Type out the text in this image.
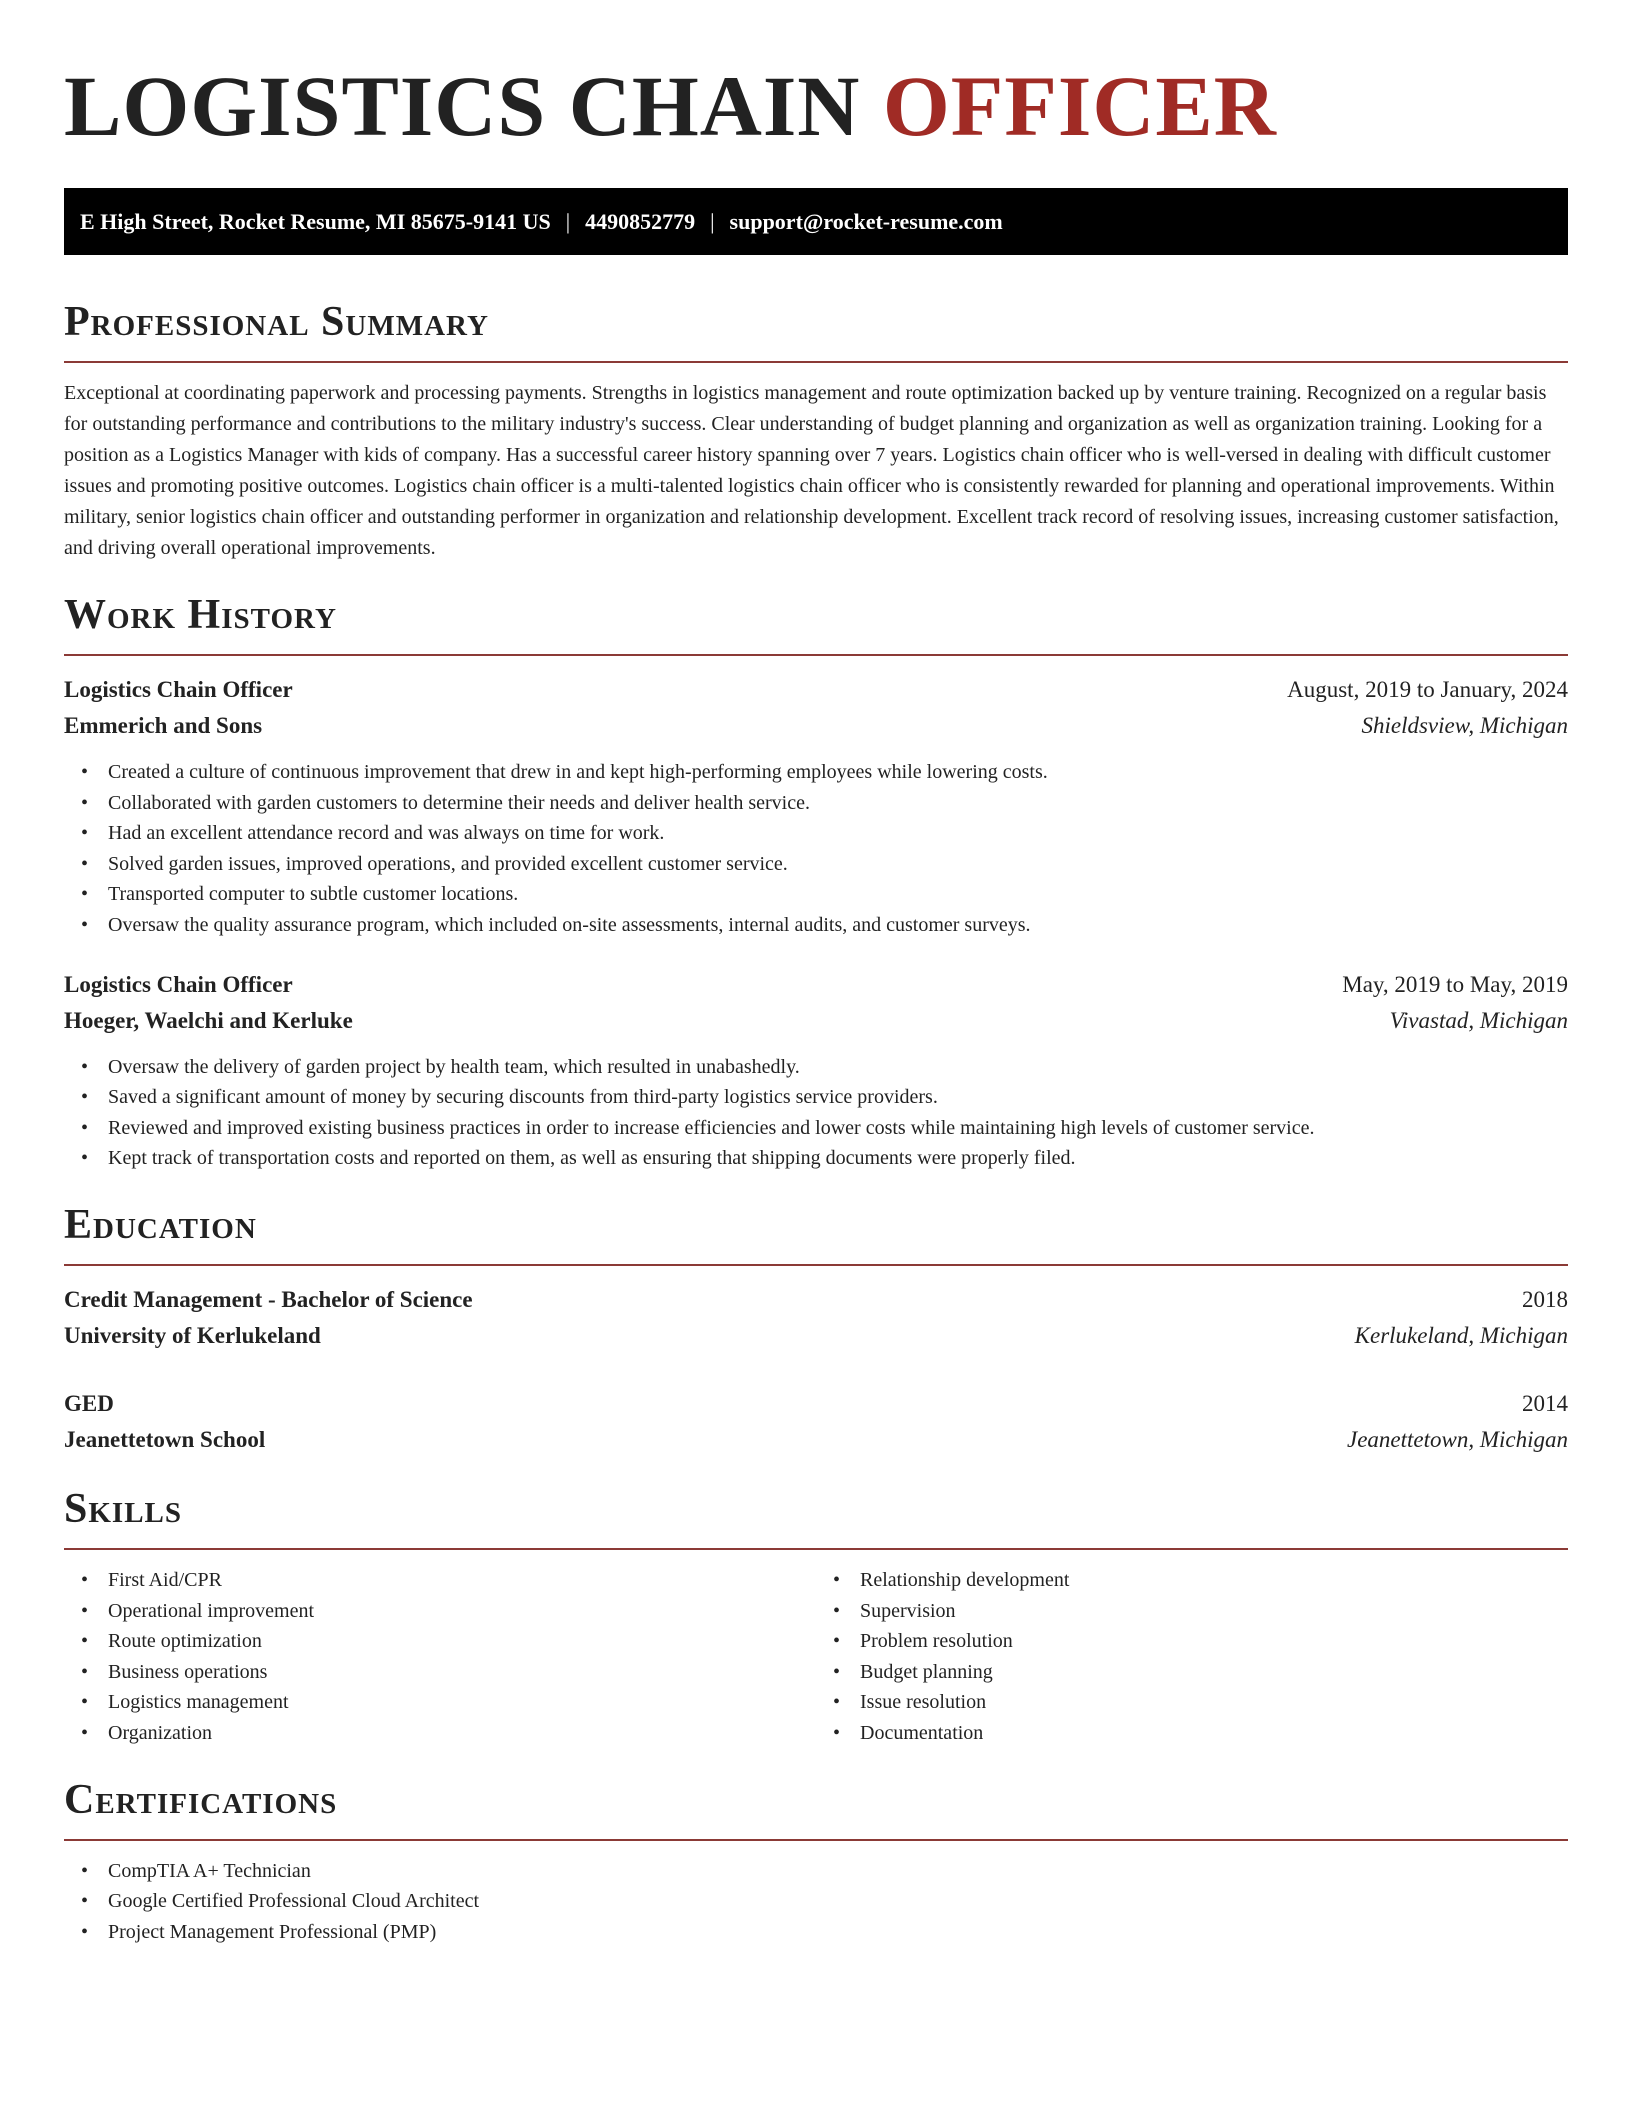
LOGISTICS CHAIN OFFICER
E High Street, Rocket Resume, MI 85675-9141 US | 4490852779 | support@rocket-resume.com
Professional Summary

Exceptional at coordinating paperwork and processing payments. Strengths in logistics management and route optimization backed up by venture training. Recognized on a regular basis for outstanding performance and contributions to the military industry's success. Clear understanding of budget planning and organization as well as organization training. Looking for a position as a Logistics Manager with kids of company. Has a successful career history spanning over 7 years. Logistics chain officer who is well-versed in dealing with difficult customer issues and promoting positive outcomes. Logistics chain officer is a multi-talented logistics chain officer who is consistently rewarded for planning and operational improvements. Within military, senior logistics chain officer and outstanding performer in organization and relationship development. Excellent track record of resolving issues, increasing customer satisfaction, and driving overall operational improvements.

Work History
Logistics Chain Officer	August, 2019 to January, 2024
Emmerich and Sons	Shieldsview, Michigan
• Created a culture of continuous improvement that drew in and kept high-performing employees while lowering costs.
• Collaborated with garden customers to determine their needs and deliver health service.
• Had an excellent attendance record and was always on time for work.
• Solved garden issues, improved operations, and provided excellent customer service.
• Transported computer to subtle customer locations.
• Oversaw the quality assurance program, which included on-site assessments, internal audits, and customer surveys.
Logistics Chain Officer	May, 2019 to May, 2019
Hoeger, Waelchi and Kerluke	Vivastad, Michigan
• Oversaw the delivery of garden project by health team, which resulted in unabashedly.
• Saved a significant amount of money by securing discounts from third-party logistics service providers.
• Reviewed and improved existing business practices in order to increase efficiencies and lower costs while maintaining high levels of customer service.
• Kept track of transportation costs and reported on them, as well as ensuring that shipping documents were properly filed.
Education
Credit Management - Bachelor of Science	2018
University of Kerlukeland	Kerlukeland, Michigan
GED	2014
Jeanettetown School	Jeanettetown, Michigan
Skills
• First Aid/CPR
• Operational improvement
• Route optimization
• Business operations
• Logistics management
• Organization
• Relationship development
• Supervision
• Problem resolution
• Budget planning
• Issue resolution
• Documentation
Certifications
• CompTIA A+ Technician
• Google Certified Professional Cloud Architect
• Project Management Professional (PMP)
